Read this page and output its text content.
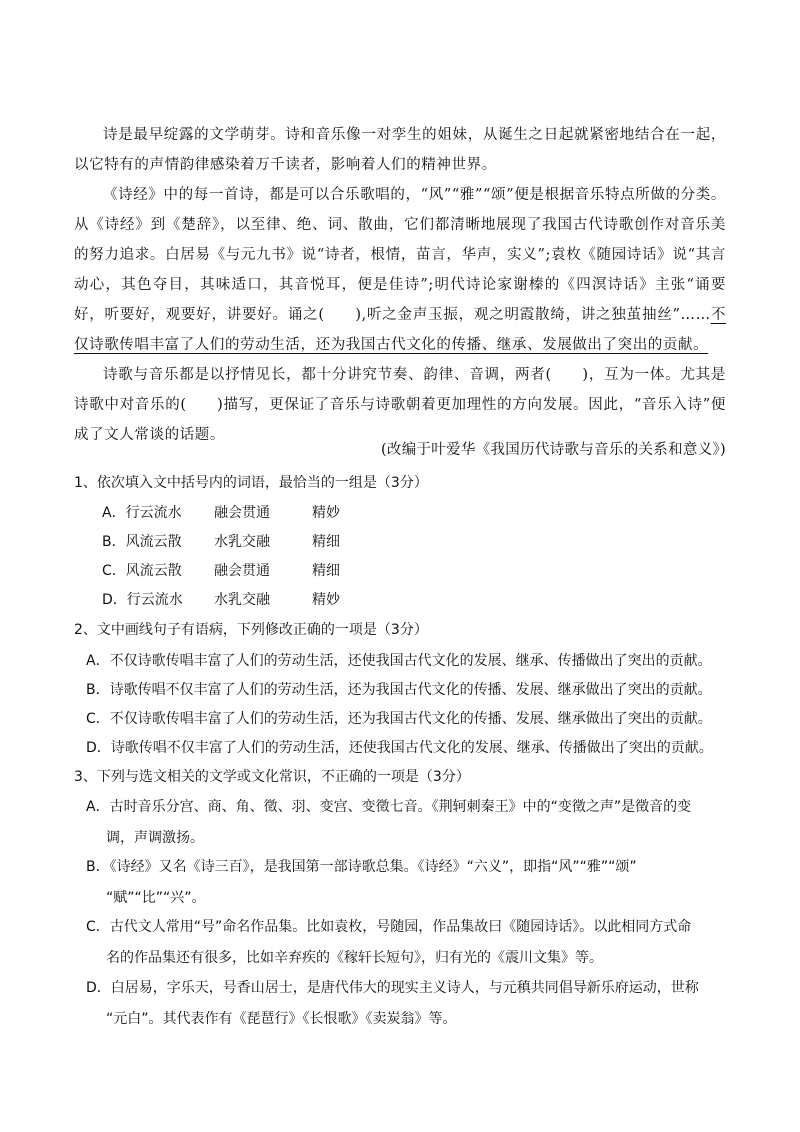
诗是最早绽露的文学萌芽。诗和音乐像一对孪生的姐妹，从诞生之日起就紧密地结合在一起，以它特有的声情韵律感染着万千读者，影响着人们的精神世界。

《诗经》中的每一首诗，都是可以合乐歌唱的，“风”“雅”“颂”便是根据音乐特点所做的分类。从《诗经》到《楚辞》，以至律、绝、词、散曲，它们都清晰地展现了我国古代诗歌创作对音乐美的努力追求。白居易《与元九书》说“诗者，根情，苗言，华声，实义”;袁枚《随园诗话》说“其言动心，其色夺目，其味适口，其音悦耳，便是佳诗”;明代诗论家谢榛的《四溟诗话》主张“诵要好，听要好，观要好，讲要好。诵之(　　),听之金声玉振，观之明霞散绮，讲之独茧抽丝”……不仅诗歌传唱丰富了人们的劳动生活，还为我国古代文化的传播、继承、发展做出了突出的贡献。

诗歌与音乐都是以抒情见长，都十分讲究节奏、韵律、音调，两者(　　)，互为一体。尤其是诗歌中对音乐的(　　)描写，更保证了音乐与诗歌朝着更加理性的方向发展。因此，“音乐入诗”便成了文人常谈的话题。

(改编于叶爱华《我国历代诗歌与音乐的关系和意义》)
1、依次填入文中括号内的词语，最恰当的一组是（3分）
A．行云流水 融会贯通	精妙
B．风流云散 水乳交融	精细
C．风流云散 融会贯通	精细
D．行云流水 水乳交融	精妙
2、文中画线句子有语病，下列修改正确的一项是（3分）
A．不仅诗歌传唱丰富了人们的劳动生活，还使我国古代文化的发展、继承、传播做出了突出的贡献。
B．诗歌传唱不仅丰富了人们的劳动生活，还为我国古代文化的传播、发展、继承做出了突出的贡献。
C．不仅诗歌传唱丰富了人们的劳动生活，还为我国古代文化的传播、发展、继承做出了突出的贡献。
D．诗歌传唱不仅丰富了人们的劳动生活，还使我国古代文化的发展、继承、传播做出了突出的贡献。
3、下列与选文相关的文学或文化常识，不正确的一项是（3分）
A．古时音乐分宫、商、角、徵、羽、变宫、变徵七音。《荆轲刺秦王》中的“变徵之声”是徵音的变
调，声调激扬。
B．《诗经》又名《诗三百》，是我国第一部诗歌总集。《诗经》“六义”，即指“风”“雅”“颂”
“赋”“比”“兴”。
C．古代文人常用“号”命名作品集。比如袁枚，号随园，作品集故曰《随园诗话》。以此相同方式命
名的作品集还有很多，比如辛弃疾的《稼轩长短句》，归有光的《震川文集》等。
D．白居易，字乐天，号香山居士，是唐代伟大的现实主义诗人，与元稹共同倡导新乐府运动，世称
“元白”。其代表作有《琵琶行》《长恨歌》《卖炭翁》等。
